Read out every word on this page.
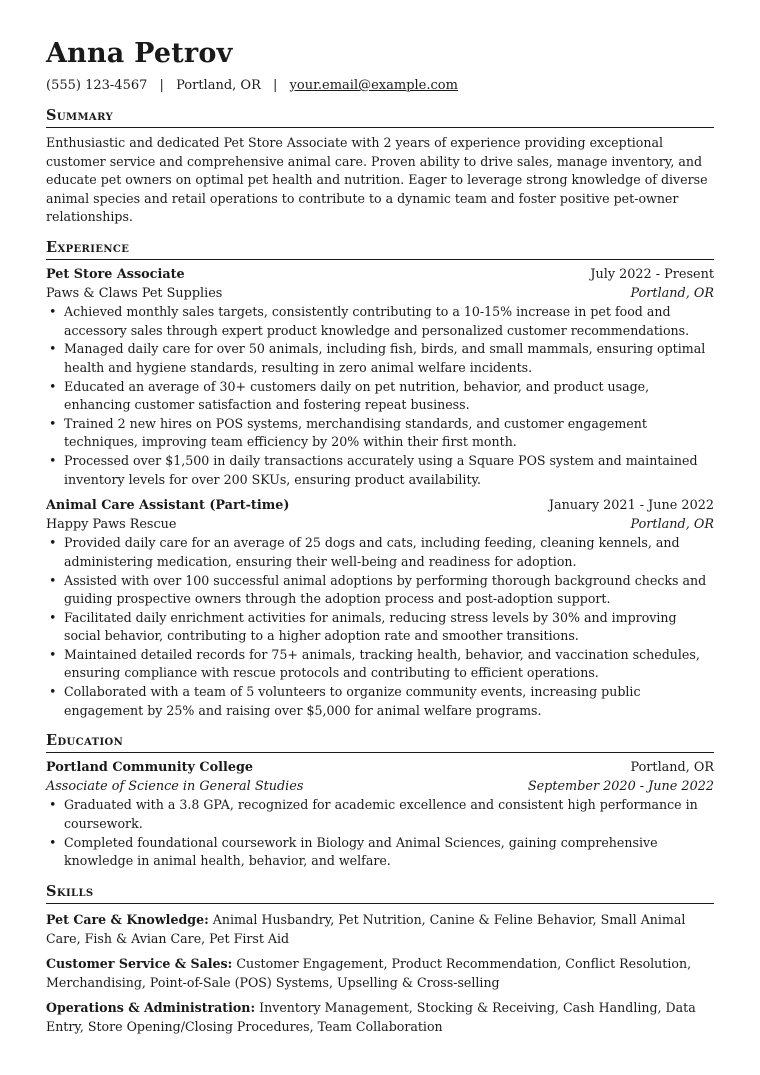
Anna Petrov
(555) 123-4567 | Portland, OR | your.email@example.com
Summary

Enthusiastic and dedicated Pet Store Associate with 2 years of experience providing exceptional customer service and comprehensive animal care. Proven ability to drive sales, manage inventory, and educate pet owners on optimal pet health and nutrition. Eager to leverage strong knowledge of diverse animal species and retail operations to contribute to a dynamic team and foster positive pet-owner relationships.

Experience
Pet Store Associate	July 2022 - Present
Paws & Claws Pet Supplies	Portland, OR
• Achieved monthly sales targets, consistently contributing to a 10-15% increase in pet food and accessory sales through expert product knowledge and personalized customer recommendations.
• Managed daily care for over 50 animals, including fish, birds, and small mammals, ensuring optimal health and hygiene standards, resulting in zero animal welfare incidents.
• Educated an average of 30+ customers daily on pet nutrition, behavior, and product usage, enhancing customer satisfaction and fostering repeat business.
• Trained 2 new hires on POS systems, merchandising standards, and customer engagement techniques, improving team efficiency by 20% within their first month.
• Processed over $1,500 in daily transactions accurately using a Square POS system and maintained inventory levels for over 200 SKUs, ensuring product availability.
Animal Care Assistant (Part-time)	January 2021 - June 2022
Happy Paws Rescue	Portland, OR
• Provided daily care for an average of 25 dogs and cats, including feeding, cleaning kennels, and administering medication, ensuring their well-being and readiness for adoption.
• Assisted with over 100 successful animal adoptions by performing thorough background checks and guiding prospective owners through the adoption process and post-adoption support.
• Facilitated daily enrichment activities for animals, reducing stress levels by 30% and improving social behavior, contributing to a higher adoption rate and smoother transitions.
• Maintained detailed records for 75+ animals, tracking health, behavior, and vaccination schedules, ensuring compliance with rescue protocols and contributing to efficient operations.
• Collaborated with a team of 5 volunteers to organize community events, increasing public engagement by 25% and raising over $5,000 for animal welfare programs.
Education
Portland Community College	Portland, OR
Associate of Science in General Studies	September 2020 - June 2022
• Graduated with a 3.8 GPA, recognized for academic excellence and consistent high performance in coursework.
• Completed foundational coursework in Biology and Animal Sciences, gaining comprehensive knowledge in animal health, behavior, and welfare.
Skills

Pet Care & Knowledge: Animal Husbandry, Pet Nutrition, Canine & Feline Behavior, Small Animal Care, Fish & Avian Care, Pet First Aid

Customer Service & Sales: Customer Engagement, Product Recommendation, Conflict Resolution, Merchandising, Point-of-Sale (POS) Systems, Upselling & Cross-selling

Operations & Administration: Inventory Management, Stocking & Receiving, Cash Handling, Data Entry, Store Opening/Closing Procedures, Team Collaboration
